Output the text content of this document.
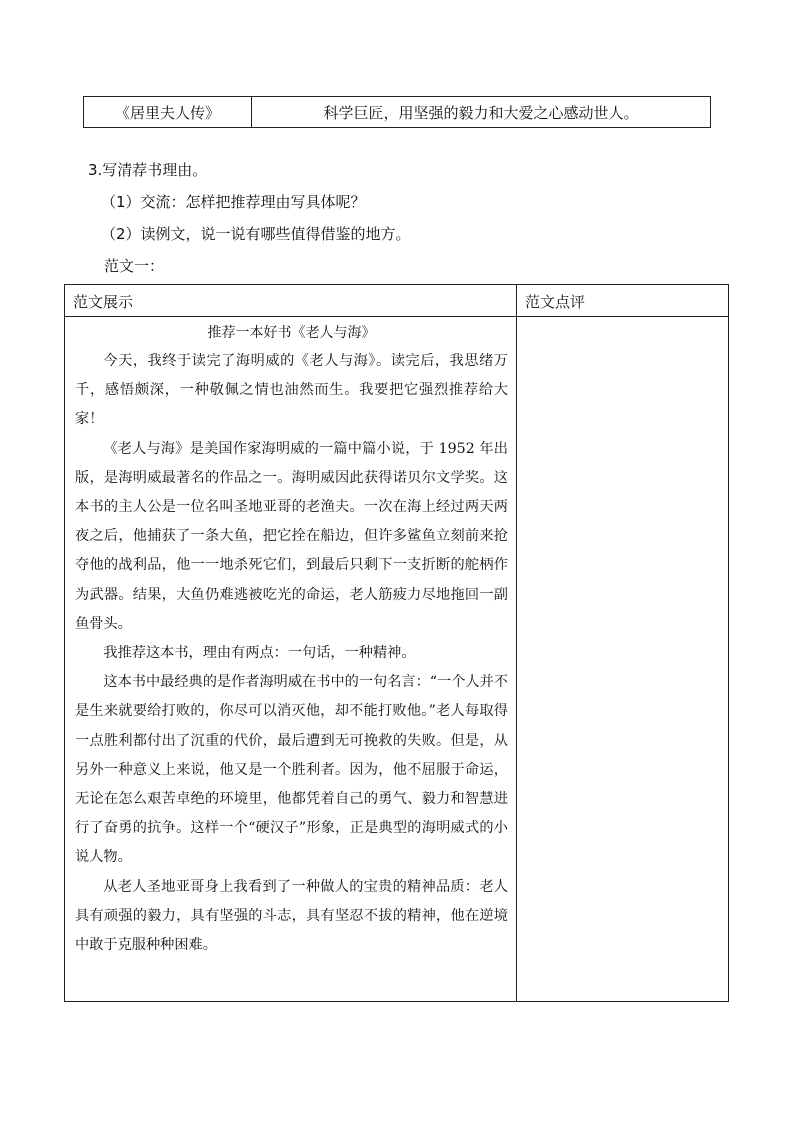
《居里夫人传》	科学巨匠，用坚强的毅力和大爱之心感动世人。
3.写清荐书理由。
（1）交流：怎样把推荐理由写具体呢？
（2）读例文，说一说有哪些值得借鉴的地方。
范文一：
范文展示
推荐一本好书《老人与海》

今天，我终于读完了海明威的《老人与海》。读完后，我思绪万千，感悟颇深，一种敬佩之情也油然而生。我要把它强烈推荐给大家！

《老人与海》是美国作家海明威的一篇中篇小说，于 1952 年出版，是海明威最著名的作品之一。海明威因此获得诺贝尔文学奖。这本书的主人公是一位名叫圣地亚哥的老渔夫。一次在海上经过两天两夜之后，他捕获了一条大鱼，把它拴在船边，但许多鲨鱼立刻前来抢夺他的战利品，他一一地杀死它们，到最后只剩下一支折断的舵柄作为武器。结果，大鱼仍难逃被吃光的命运，老人筋疲力尽地拖回一副鱼骨头。

我推荐这本书，理由有两点：一句话，一种精神。

这本书中最经典的是作者海明威在书中的一句名言：“一个人并不是生来就要给打败的，你尽可以消灭他，却不能打败他。”老人每取得一点胜利都付出了沉重的代价，最后遭到无可挽救的失败。但是，从另外一种意义上来说，他又是一个胜利者。因为，他不屈服于命运，无论在怎么艰苦卓绝的环境里，他都凭着自己的勇气、毅力和智慧进行了奋勇的抗争。这样一个“硬汉子”形象，正是典型的海明威式的小说人物。

从老人圣地亚哥身上我看到了一种做人的宝贵的精神品质：老人具有顽强的毅力，具有坚强的斗志，具有坚忍不拔的精神，他在逆境中敢于克服种种困难。

范文点评
